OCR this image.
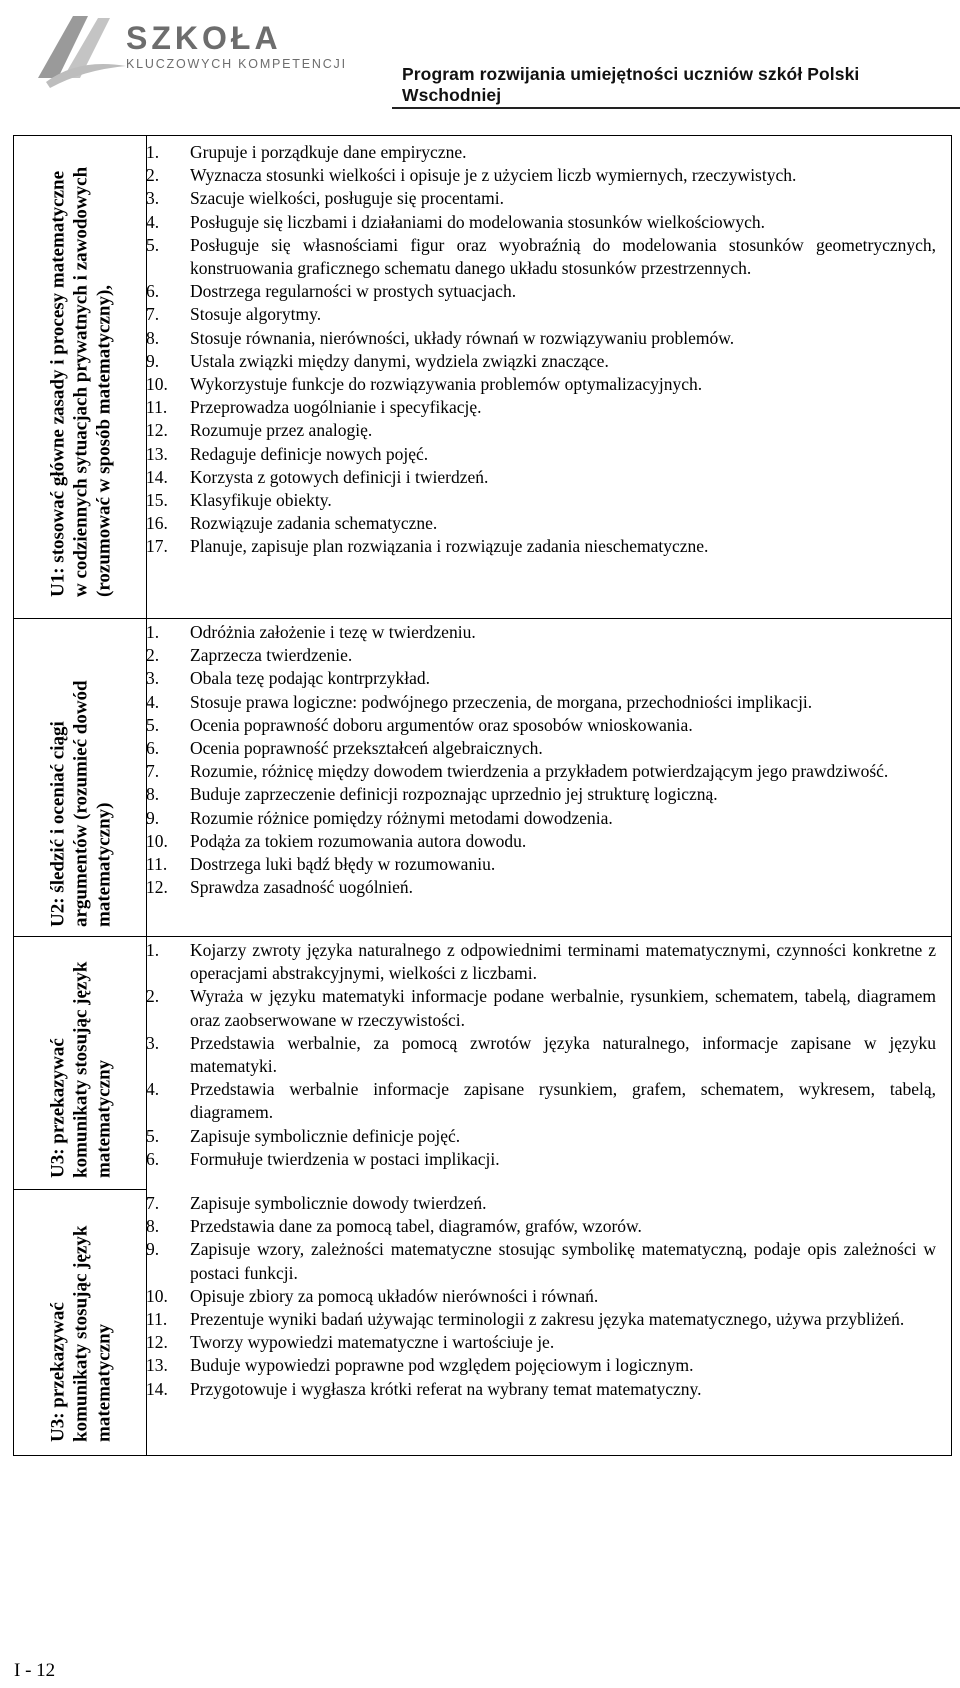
SZKOŁA
KLUCZOWYCH KOMPETENCJI	Program rozwijania umiejętności uczniów szkół Polski Wschodniej
U1: stosować główne zasady i procesy matematyczne w codziennych sytuacjach prywatnych i zawodowych (rozumować w sposób matematyczny),
U2: śledzić i oceniać ciągi argumentów (rozumieć dowód matematyczny)
U3: przekazywać komunikaty stosując język matematyczny
U3: przekazywać komunikaty stosując język matematyczny
1. Grupuje i porządkuje dane empiryczne.
2. Wyznacza stosunki wielkości i opisuje je z użyciem liczb wymiernych, rzeczywistych.
3. Szacuje wielkości, posługuje się procentami.
4. Posługuje się liczbami i działaniami do modelowania stosunków wielkościowych.
5. Posługuje się własnościami figur oraz wyobraźnią do modelowania stosunków geometrycznych, konstruowania graficznego schematu danego układu stosunków przestrzennych.
6. Dostrzega regularności w prostych sytuacjach.
7. Stosuje algorytmy.
8. Stosuje równania, nierówności, układy równań w rozwiązywaniu problemów.
9. Ustala związki między danymi, wydziela związki znaczące.
10. Wykorzystuje funkcje do rozwiązywania problemów optymalizacyjnych.
11. Przeprowadza uogólnianie i specyfikację.
12. Rozumuje przez analogię.
13. Redaguje definicje nowych pojęć.
14. Korzysta z gotowych definicji i twierdzeń.
15. Klasyfikuje obiekty.
16. Rozwiązuje zadania schematyczne.
17. Planuje, zapisuje plan rozwiązania i rozwiązuje zadania nieschematyczne.
1. Odróżnia założenie i tezę w twierdzeniu.
2. Zaprzecza twierdzenie.
3. Obala tezę podając kontrprzykład.
4. Stosuje prawa logiczne: podwójnego przeczenia, de morgana, przechodniości implikacji.
5. Ocenia poprawność doboru argumentów oraz sposobów wnioskowania.
6. Ocenia poprawność przekształceń algebraicznych.
7. Rozumie, różnicę między dowodem twierdzenia a przykładem potwierdzającym jego prawdziwość.
8. Buduje zaprzeczenie definicji rozpoznając uprzednio jej strukturę logiczną.
9. Rozumie różnice pomiędzy różnymi metodami dowodzenia.
10. Podąża za tokiem rozumowania autora dowodu.
11. Dostrzega luki bądź błędy w rozumowaniu.
12. Sprawdza zasadność uogólnień.
1. Kojarzy zwroty języka naturalnego z odpowiednimi terminami matematycznymi, czynności konkretne z operacjami abstrakcyjnymi, wielkości z liczbami.
2. Wyraża w języku matematyki informacje podane werbalnie, rysunkiem, schematem, tabelą, diagramem oraz zaobserwowane w rzeczywistości.
3. Przedstawia werbalnie, za pomocą zwrotów języka naturalnego, informacje zapisane w języku matematyki.
4. Przedstawia werbalnie informacje zapisane rysunkiem, grafem, schematem, wykresem, tabelą, diagramem.
5. Zapisuje symbolicznie definicje pojęć.
6. Formułuje twierdzenia w postaci implikacji.
7. Zapisuje symbolicznie dowody twierdzeń.
8. Przedstawia dane za pomocą tabel, diagramów, grafów, wzorów.
9. Zapisuje wzory, zależności matematyczne stosując symbolikę matematyczną, podaje opis zależności w postaci funkcji.
10. Opisuje zbiory za pomocą układów nierówności i równań.
11. Prezentuje wyniki badań używając terminologii z zakresu języka matematycznego, używa przybliżeń.
12. Tworzy wypowiedzi matematyczne i wartościuje je.
13. Buduje wypowiedzi poprawne pod względem pojęciowym i logicznym.
14. Przygotowuje i wygłasza krótki referat na wybrany temat matematyczny.
I - 12
